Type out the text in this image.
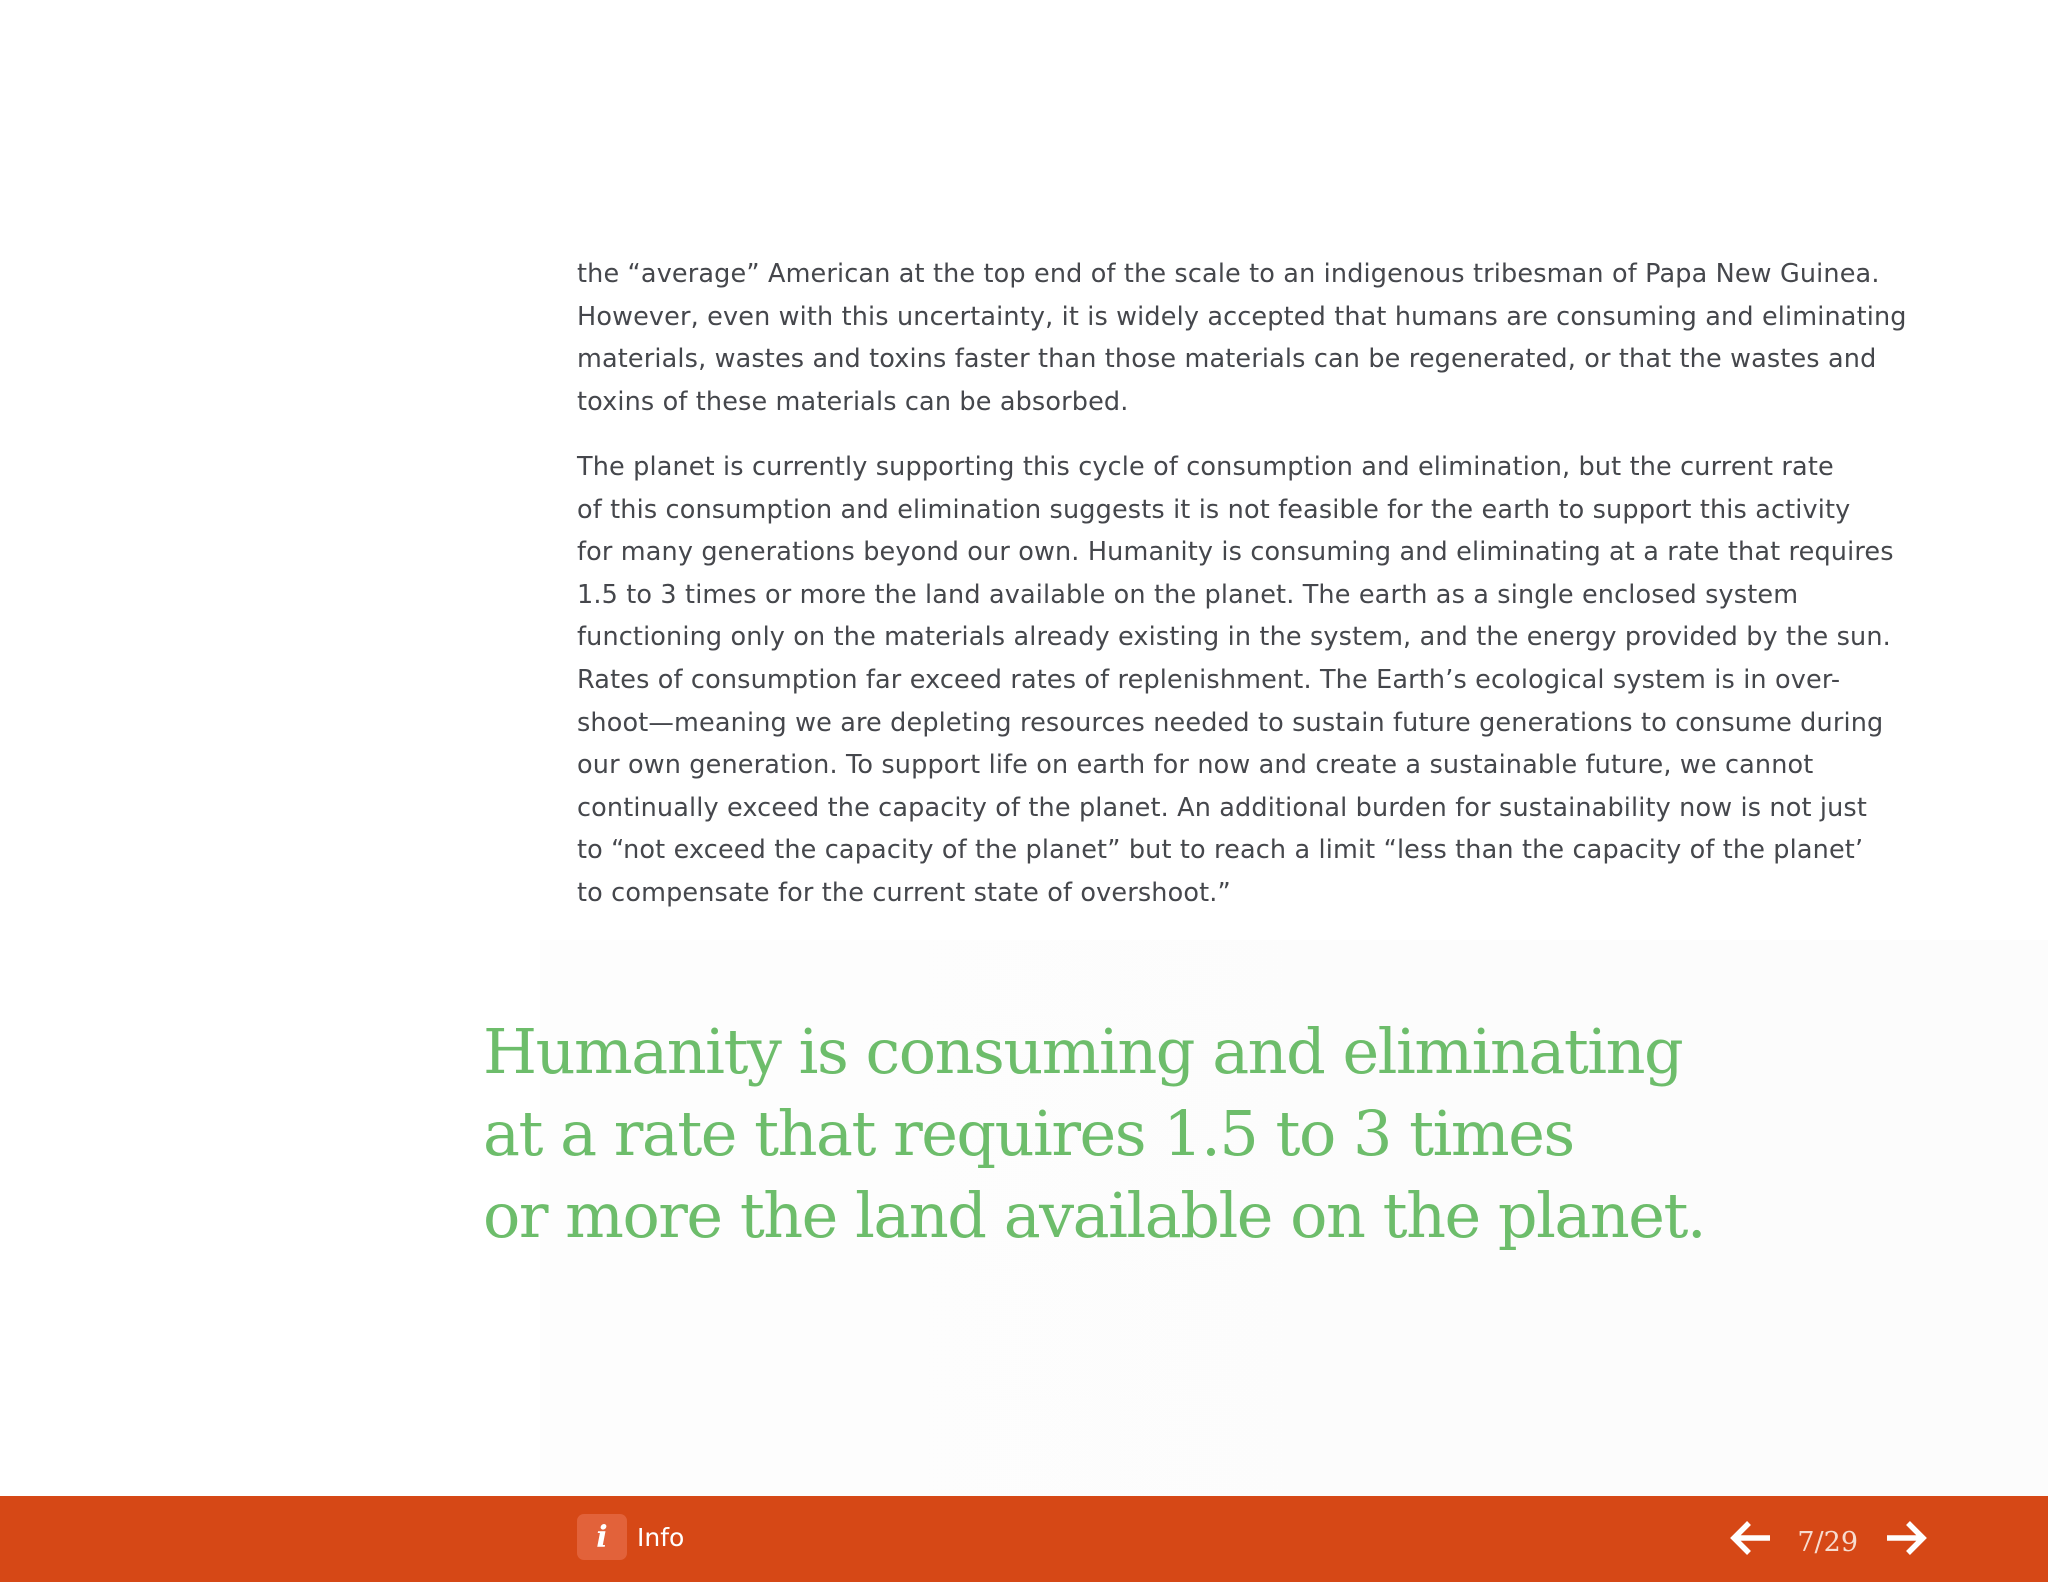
the “average” American at the top end of the scale to an indigenous tribesman of Papa New Guinea.
However, even with this uncertainty, it is widely accepted that humans are consuming and eliminating
materials, wastes and toxins faster than those materials can be regenerated, or that the wastes and
toxins of these materials can be absorbed.

The planet is currently supporting this cycle of consumption and elimination, but the current rate
of this consumption and elimination suggests it is not feasible for the earth to support this activity
for many generations beyond our own. Humanity is consuming and eliminating at a rate that requires
1.5 to 3 times or more the land available on the planet. The earth as a single enclosed system
functioning only on the materials already existing in the system, and the energy provided by the sun.
Rates of consumption far exceed rates of replenishment. The Earth’s ecological system is in over-
shoot—meaning we are depleting resources needed to sustain future generations to consume during
our own generation. To support life on earth for now and create a sustainable future, we cannot
continually exceed the capacity of the planet. An additional burden for sustainability now is not just
to “not exceed the capacity of the planet” but to reach a limit “less than the capacity of the planet’
to compensate for the current state of overshoot.”

Humanity is consuming and eliminating
at a rate that requires 1.5 to 3 times
or more the land available on the planet.
i	Info	7/29
